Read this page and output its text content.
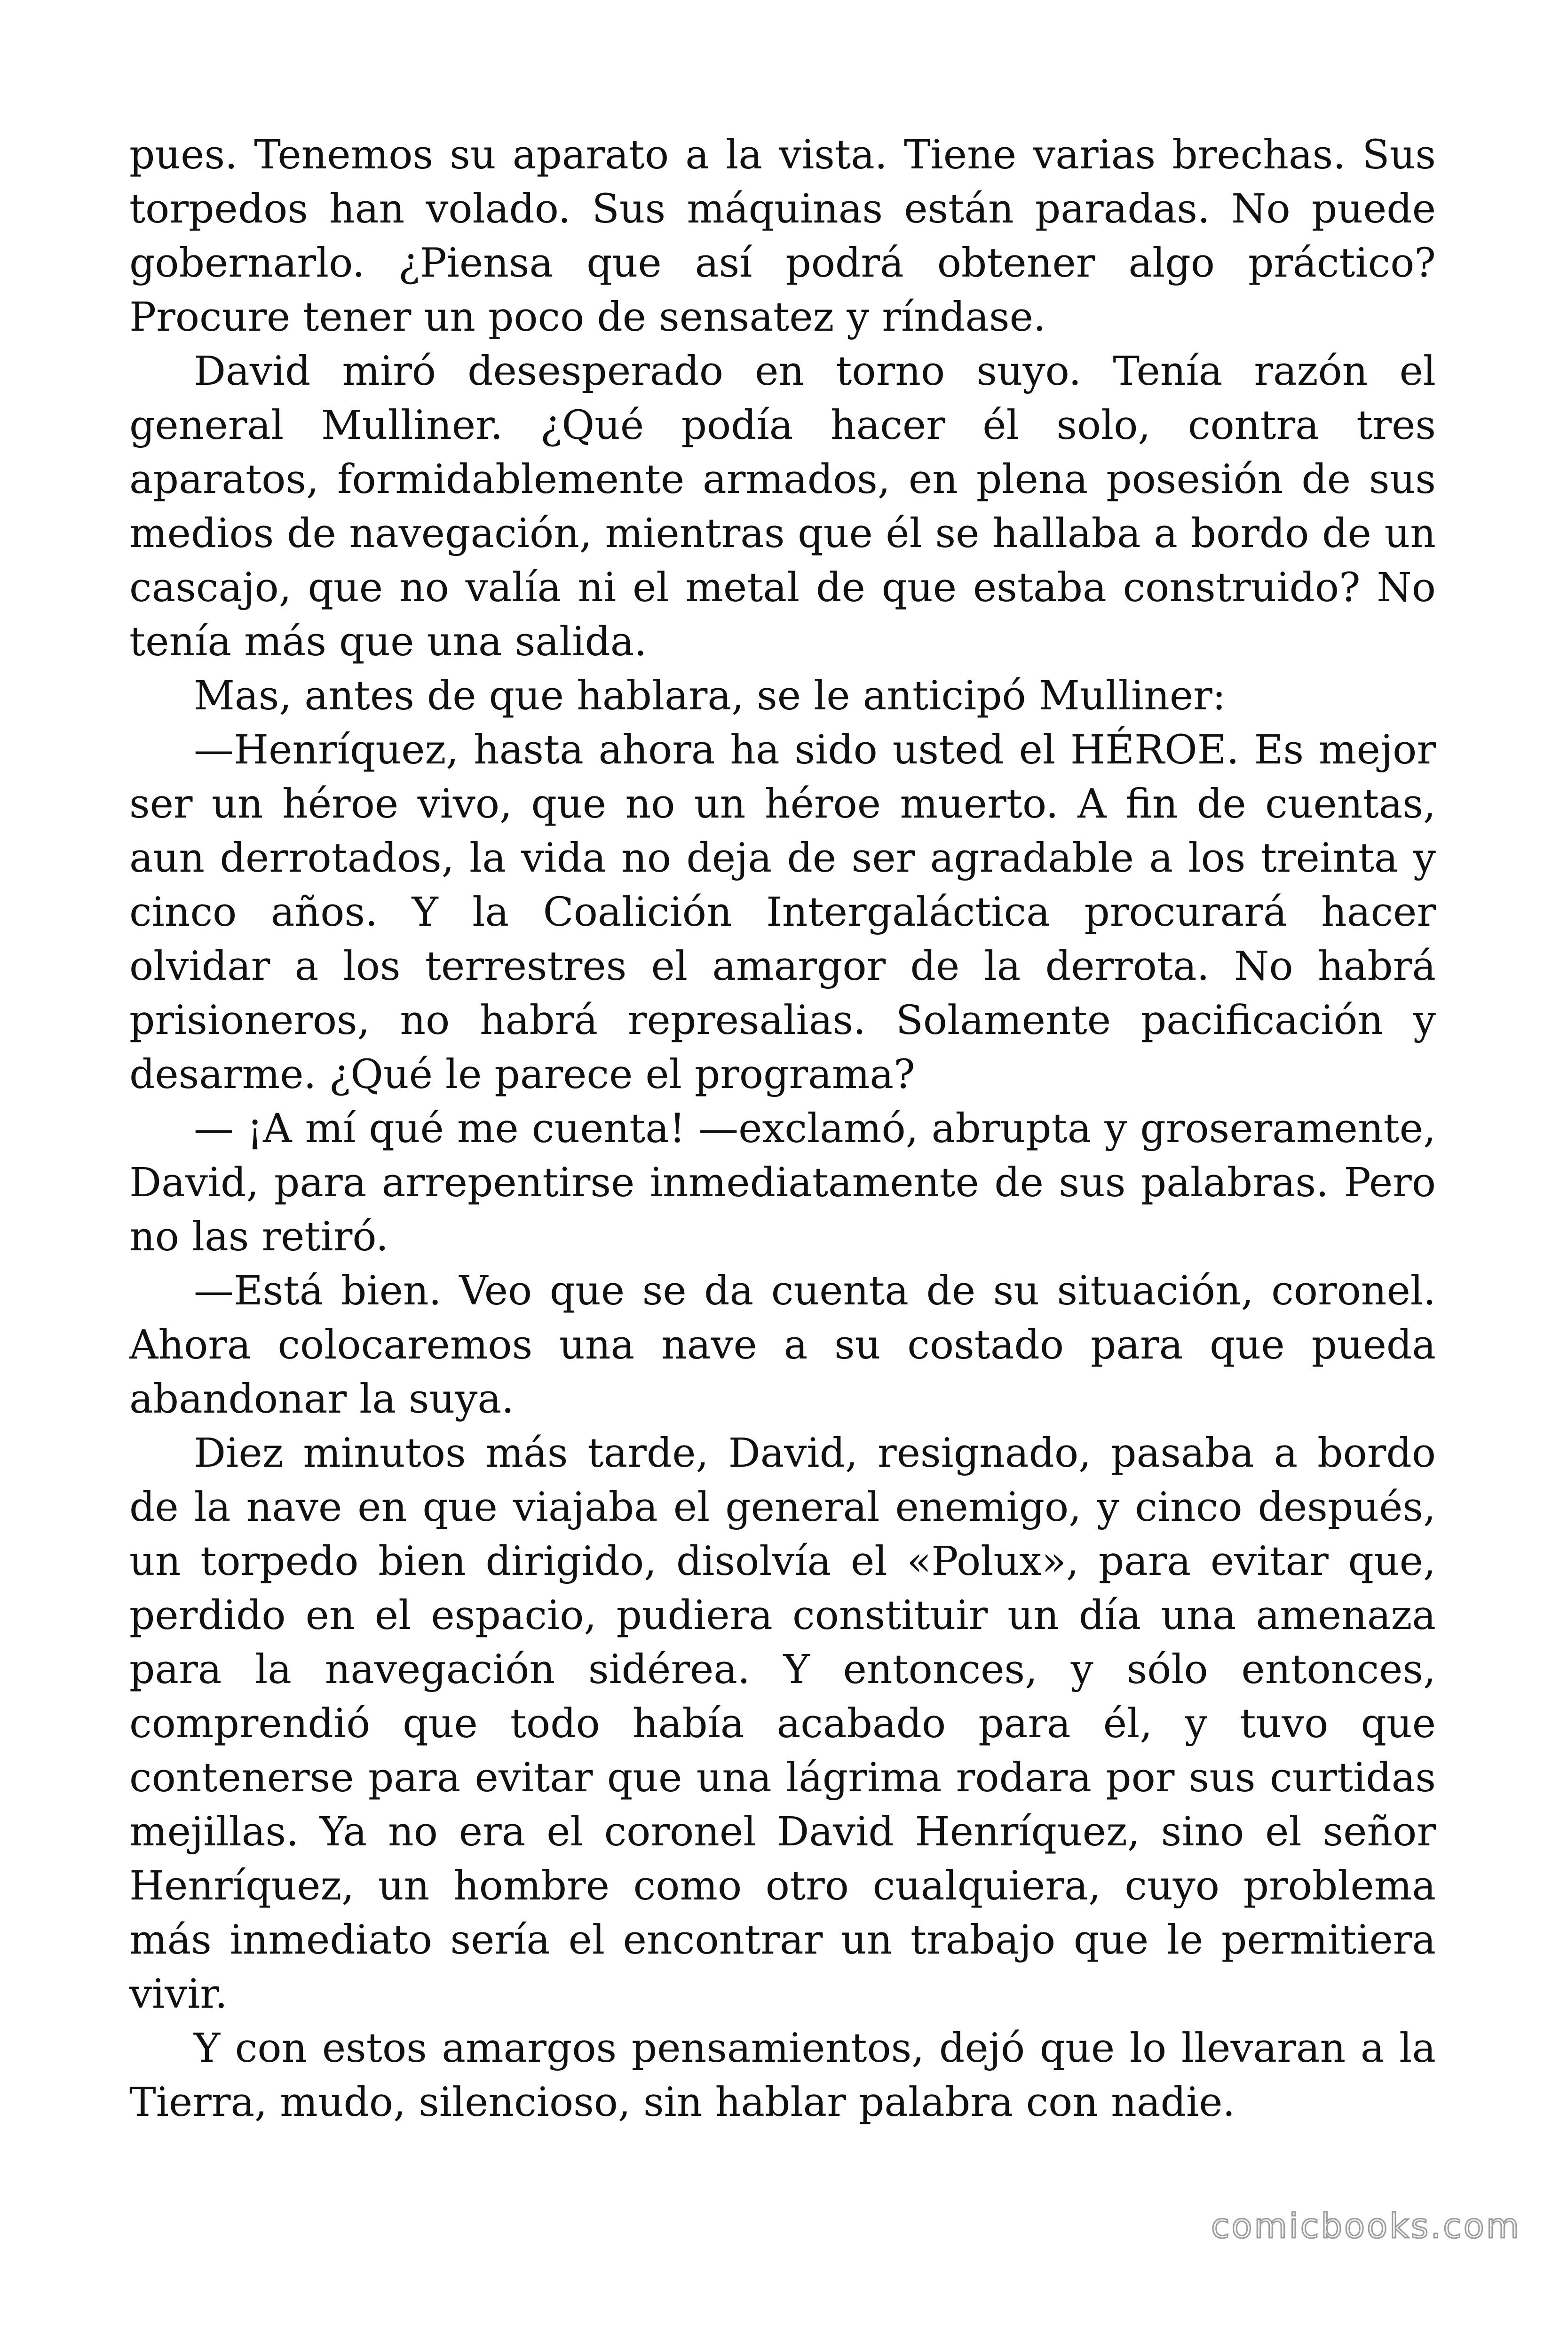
pues. Tenemos su aparato a la vista. Tiene varias brechas. Sus torpedos han volado. Sus máquinas están paradas. No puede gobernarlo. ¿Piensa que así podrá obtener algo práctico? Procure tener un poco de sensatez y ríndase.

David miró desesperado en torno suyo. Tenía razón el general Mulliner. ¿Qué podía hacer él solo, contra tres aparatos, formidablemente armados, en plena posesión de sus medios de navegación, mientras que él se hallaba a bordo de un cascajo, que no valía ni el metal de que estaba construido? No tenía más que una salida.

Mas, antes de que hablara, se le anticipó Mulliner:

—Henríquez, hasta ahora ha sido usted el HÉROE. Es mejor ser un héroe vivo, que no un héroe muerto. A fin de cuentas, aun derrotados, la vida no deja de ser agradable a los treinta y cinco años. Y la Coalición Intergaláctica procurará hacer olvidar a los terrestres el amargor de la derrota. No habrá prisioneros, no habrá represalias. Solamente pacificación y desarme. ¿Qué le parece el programa?

— ¡A mí qué me cuenta! —exclamó, abrupta y groseramente, David, para arrepentirse inmediatamente de sus palabras. Pero no las retiró.

—Está bien. Veo que se da cuenta de su situación, coronel. Ahora colocaremos una nave a su costado para que pueda abandonar la suya.

Diez minutos más tarde, David, resignado, pasaba a bordo de la nave en que viajaba el general enemigo, y cinco después, un torpedo bien dirigido, disolvía el «Polux», para evitar que, perdido en el espacio, pudiera constituir un día una amenaza para la navegación sidérea. Y entonces, y sólo entonces, comprendió que todo había acabado para él, y tuvo que contenerse para evitar que una lágrima rodara por sus curtidas mejillas. Ya no era el coronel David Henríquez, sino el señor Henríquez, un hombre como otro cualquiera, cuyo problema más inmediato sería el encontrar un trabajo que le permitiera vivir.

Y con estos amargos pensamientos, dejó que lo llevaran a la Tierra, mudo, silencioso, sin hablar palabra con nadie.

comicbooks.com
